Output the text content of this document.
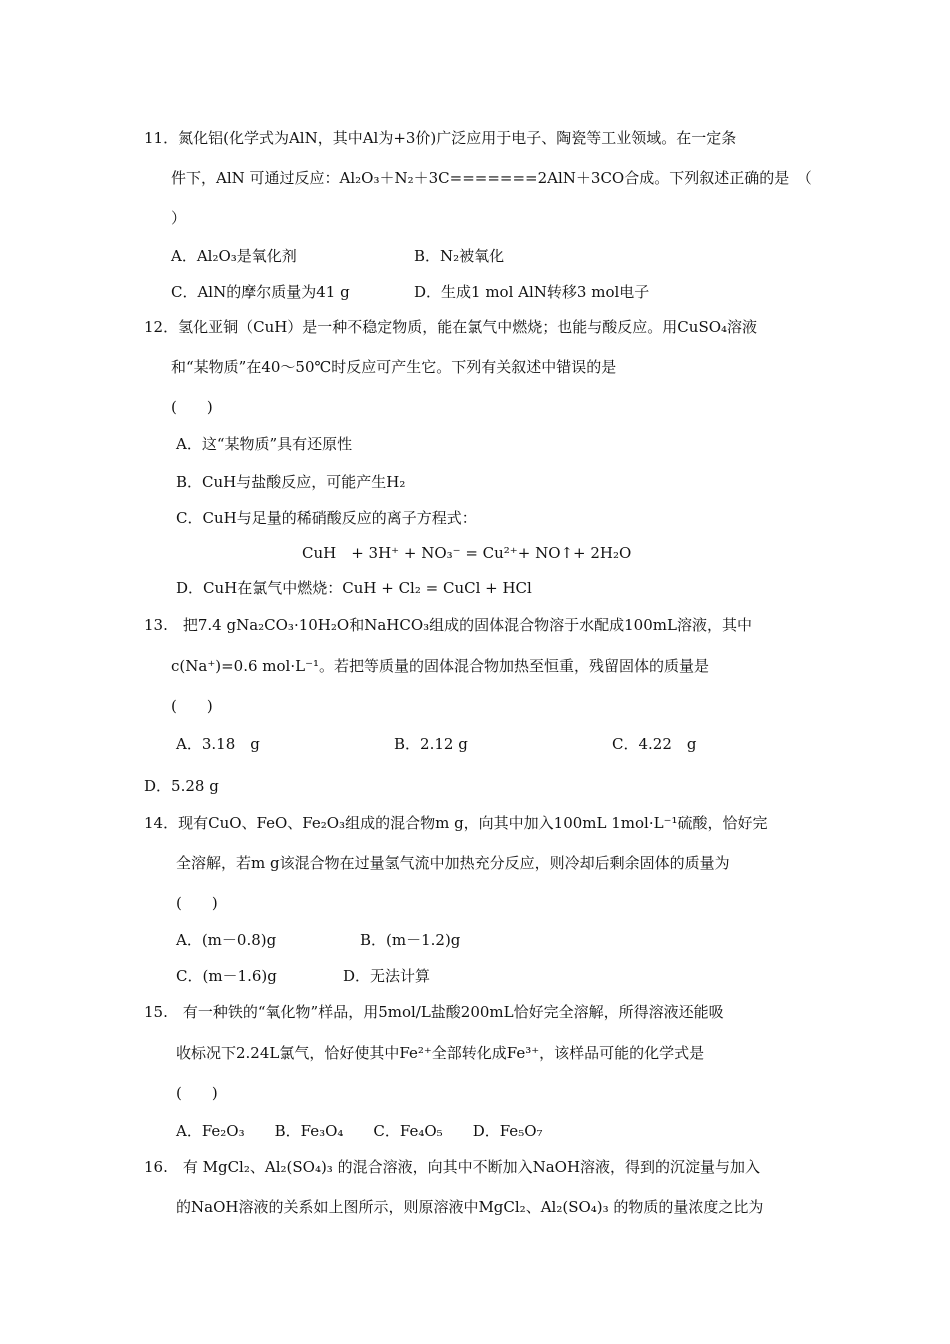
11．氮化铝(化学式为AlN，其中Al为+3价)广泛应用于电子、陶瓷等工业领域。在一定条
件下，AlN 可通过反应：Al₂O₃＋N₂＋3C=======2AlN＋3CO合成。下列叙述正确的是　（
）
A．Al₂O₃是氧化剂	B．N₂被氧化
C．AlN的摩尔质量为41 g	D．生成1 mol AlN转移3 mol电子
12．氢化亚铜（CuH）是一种不稳定物质，能在氯气中燃烧；也能与酸反应。用CuSO₄溶液
和“某物质”在40～50℃时反应可产生它。下列有关叙述中错误的是
(　　)
A．这“某物质”具有还原性
B．CuH与盐酸反应，可能产生H₂
C．CuH与足量的稀硝酸反应的离子方程式：
CuH　+ 3H⁺ + NO₃⁻ = Cu²⁺+ NO↑+ 2H₂O
D．CuH在氯气中燃烧：CuH + Cl₂ = CuCl + HCl
13.　把7.4 gNa₂CO₃·10H₂O和NaHCO₃组成的固体混合物溶于水配成100mL溶液，其中
c(Na⁺)=0.6 mol·L⁻¹。若把等质量的固体混合物加热至恒重，残留固体的质量是
(　　)
A．3.18　g	B．2.12 g	C．4.22　g
D．5.28 g
14．现有CuO、FeO、Fe₂O₃组成的混合物m g，向其中加入100mL 1mol·L⁻¹硫酸，恰好完
全溶解，若m g该混合物在过量氢气流中加热充分反应，则冷却后剩余固体的质量为
(　　)
A．(m－0.8)g	B．(m－1.2)g
C．(m－1.6)g	D．无法计算
15.　有一种铁的“氧化物”样品，用5mol/L盐酸200mL恰好完全溶解，所得溶液还能吸
收标况下2.24L氯气，恰好使其中Fe²⁺全部转化成Fe³⁺，该样品可能的化学式是
(　　)
A．Fe₂O₃　　B．Fe₃O₄　　C．Fe₄O₅　　D．Fe₅O₇
16.　有 MgCl₂、Al₂(SO₄)₃ 的混合溶液，向其中不断加入NaOH溶液，得到的沉淀量与加入
的NaOH溶液的关系如上图所示，则原溶液中MgCl₂、Al₂(SO₄)₃ 的物质的量浓度之比为
